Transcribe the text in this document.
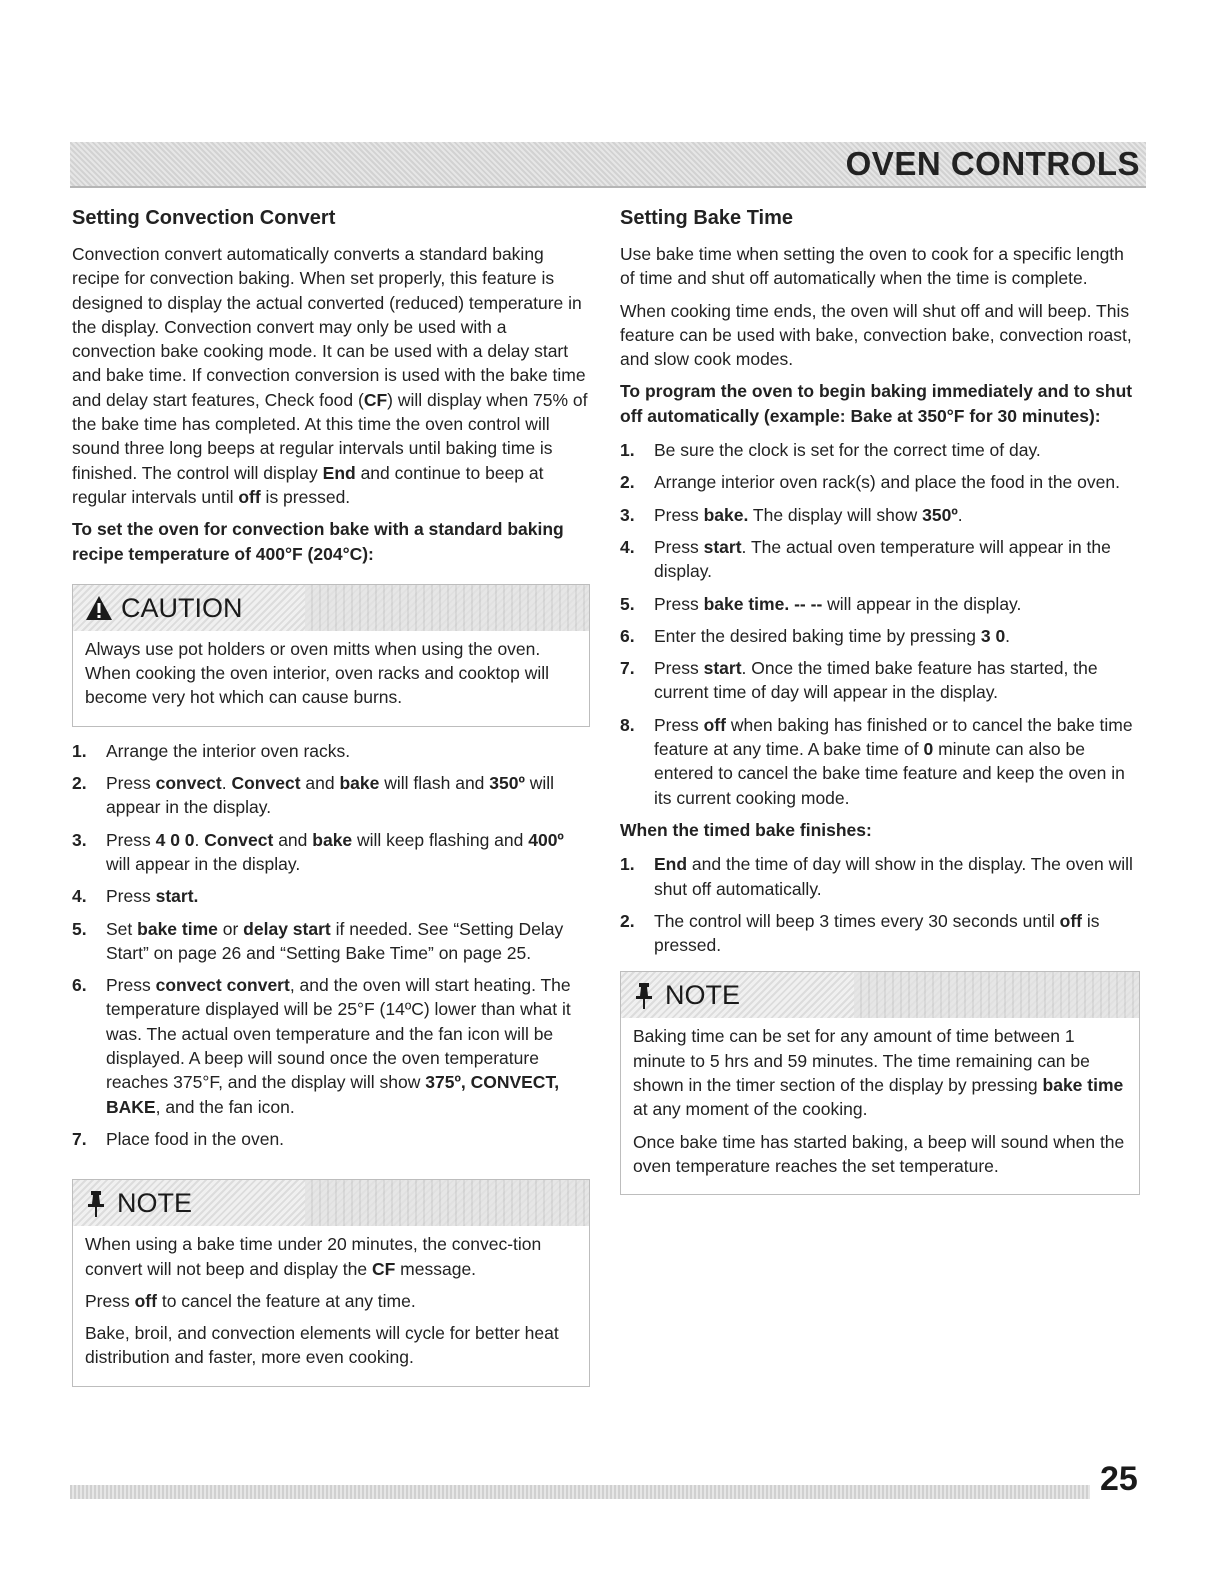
OVEN CONTROLS
Setting Convection Convert

Convection convert automatically converts a standard baking recipe for convection baking. When set properly, this feature is designed to display the actual converted (reduced) temperature in the display. Convection convert may only be used with a convection bake cooking mode. It can be used with a delay start and bake time. If convection conversion is used with the bake time and delay start features, Check food (CF) will display when 75% of the bake time has completed. At this time the oven control will sound three long beeps at regular intervals until baking time is finished. The control will display End and continue to beep at regular intervals until off is pressed.

To set the oven for convection bake with a standard baking recipe temperature of 400°F (204°C):
CAUTION

Always use pot holders or oven mitts when using the oven. When cooking the oven interior, oven racks and cooktop will become very hot which can cause burns.

1. Arrange the interior oven racks.
2. Press convect. Convect and bake will flash and 350º will appear in the display.
3. Press 4 0 0. Convect and bake will keep flashing and 400º will appear in the display.
4. Press start.
5. Set bake time or delay start if needed. See “Setting Delay Start” on page 26 and “Setting Bake Time” on page 25.
6. Press convect convert, and the oven will start heating. The temperature displayed will be 25°F (14ºC) lower than what it was. The actual oven temperature and the fan icon will be displayed. A beep will sound once the oven temperature reaches 375°F, and the display will show 375º, CONVECT, BAKE, and the fan icon.
7. Place food in the oven.
NOTE

When using a bake time under 20 minutes, the convec-tion convert will not beep and display the CF message.

Press off to cancel the feature at any time.

Bake, broil, and convection elements will cycle for better heat distribution and faster, more even cooking.

Setting Bake Time

Use bake time when setting the oven to cook for a specific length of time and shut off automatically when the time is complete.

When cooking time ends, the oven will shut off and will beep. This feature can be used with bake, convection bake, convection roast, and slow cook modes.

To program the oven to begin baking immediately and to shut off automatically (example: Bake at 350°F for 30 minutes):
1. Be sure the clock is set for the correct time of day.
2. Arrange interior oven rack(s) and place the food in the oven.
3. Press bake. The display will show 350º.
4. Press start. The actual oven temperature will appear in the display.
5. Press bake time. -- -- will appear in the display.
6. Enter the desired baking time by pressing 3 0.
7. Press start. Once the timed bake feature has started, the current time of day will appear in the display.
8. Press off when baking has finished or to cancel the bake time feature at any time. A bake time of 0 minute can also be entered to cancel the bake time feature and keep the oven in its current cooking mode.
When the timed bake finishes:
1. End and the time of day will show in the display. The oven will shut off automatically.
2. The control will beep 3 times every 30 seconds until off is pressed.
NOTE

Baking time can be set for any amount of time between 1 minute to 5 hrs and 59 minutes. The time remaining can be shown in the timer section of the display by pressing bake time at any moment of the cooking.

Once bake time has started baking, a beep will sound when the oven temperature reaches the set temperature.

25
